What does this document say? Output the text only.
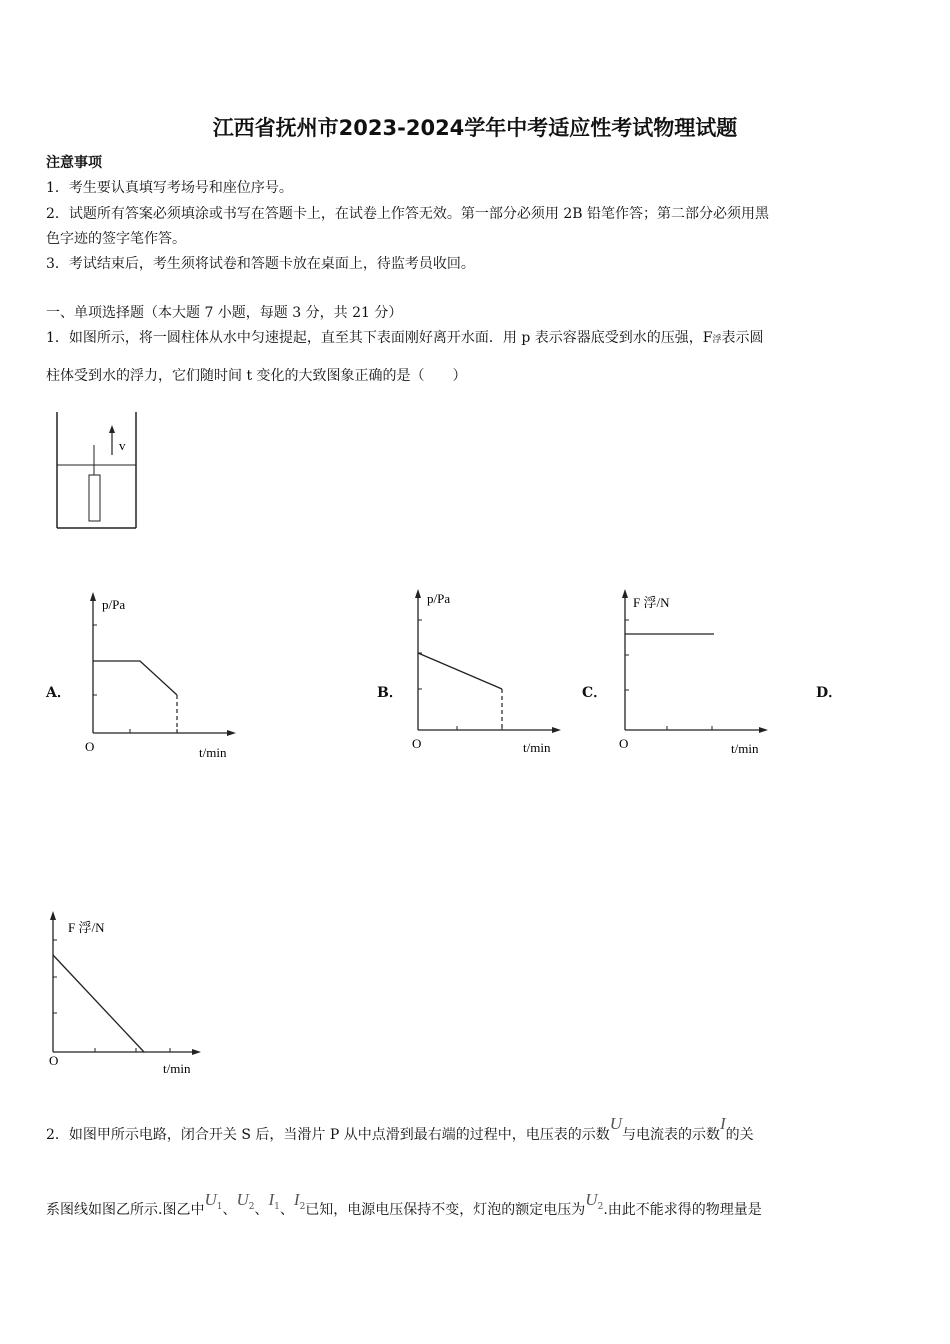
江西省抚州市2023-2024学年中考适应性考试物理试题
注意事项
1．考生要认真填写考场号和座位序号。
2．试题所有答案必须填涂或书写在答题卡上，在试卷上作答无效。第一部分必须用 2B 铅笔作答；第二部分必须用黑
色字迹的签字笔作答。
3．考试结束后，考生须将试卷和答题卡放在桌面上，待监考员收回。
一、单项选择题（本大题 7 小题，每题 3 分，共 21 分）
1．如图所示，将一圆柱体从水中匀速提起，直至其下表面刚好离开水面．用 p 表示容器底受到水的压强，F浮表示圆
柱体受到水的浮力，它们随时间 t 变化的大致图象正确的是（　　）
v
A．	B．	C．	D．
p/Pa
O	t/min
p/Pa
O	t/min
F 浮/N
O	t/min
F 浮/N
O
t/min
2．如图甲所示电路，闭合开关 S 后，当滑片 P 从中点滑到最右端的过程中，电压表的示数U与电流表的示数I的关
系图线如图乙所示.图乙中$U_1$、$U_2$、$I_1$、$I_2$已知，电源电压保持不变，灯泡的额定电压为$U_2$.由此不能求得的物理量是
